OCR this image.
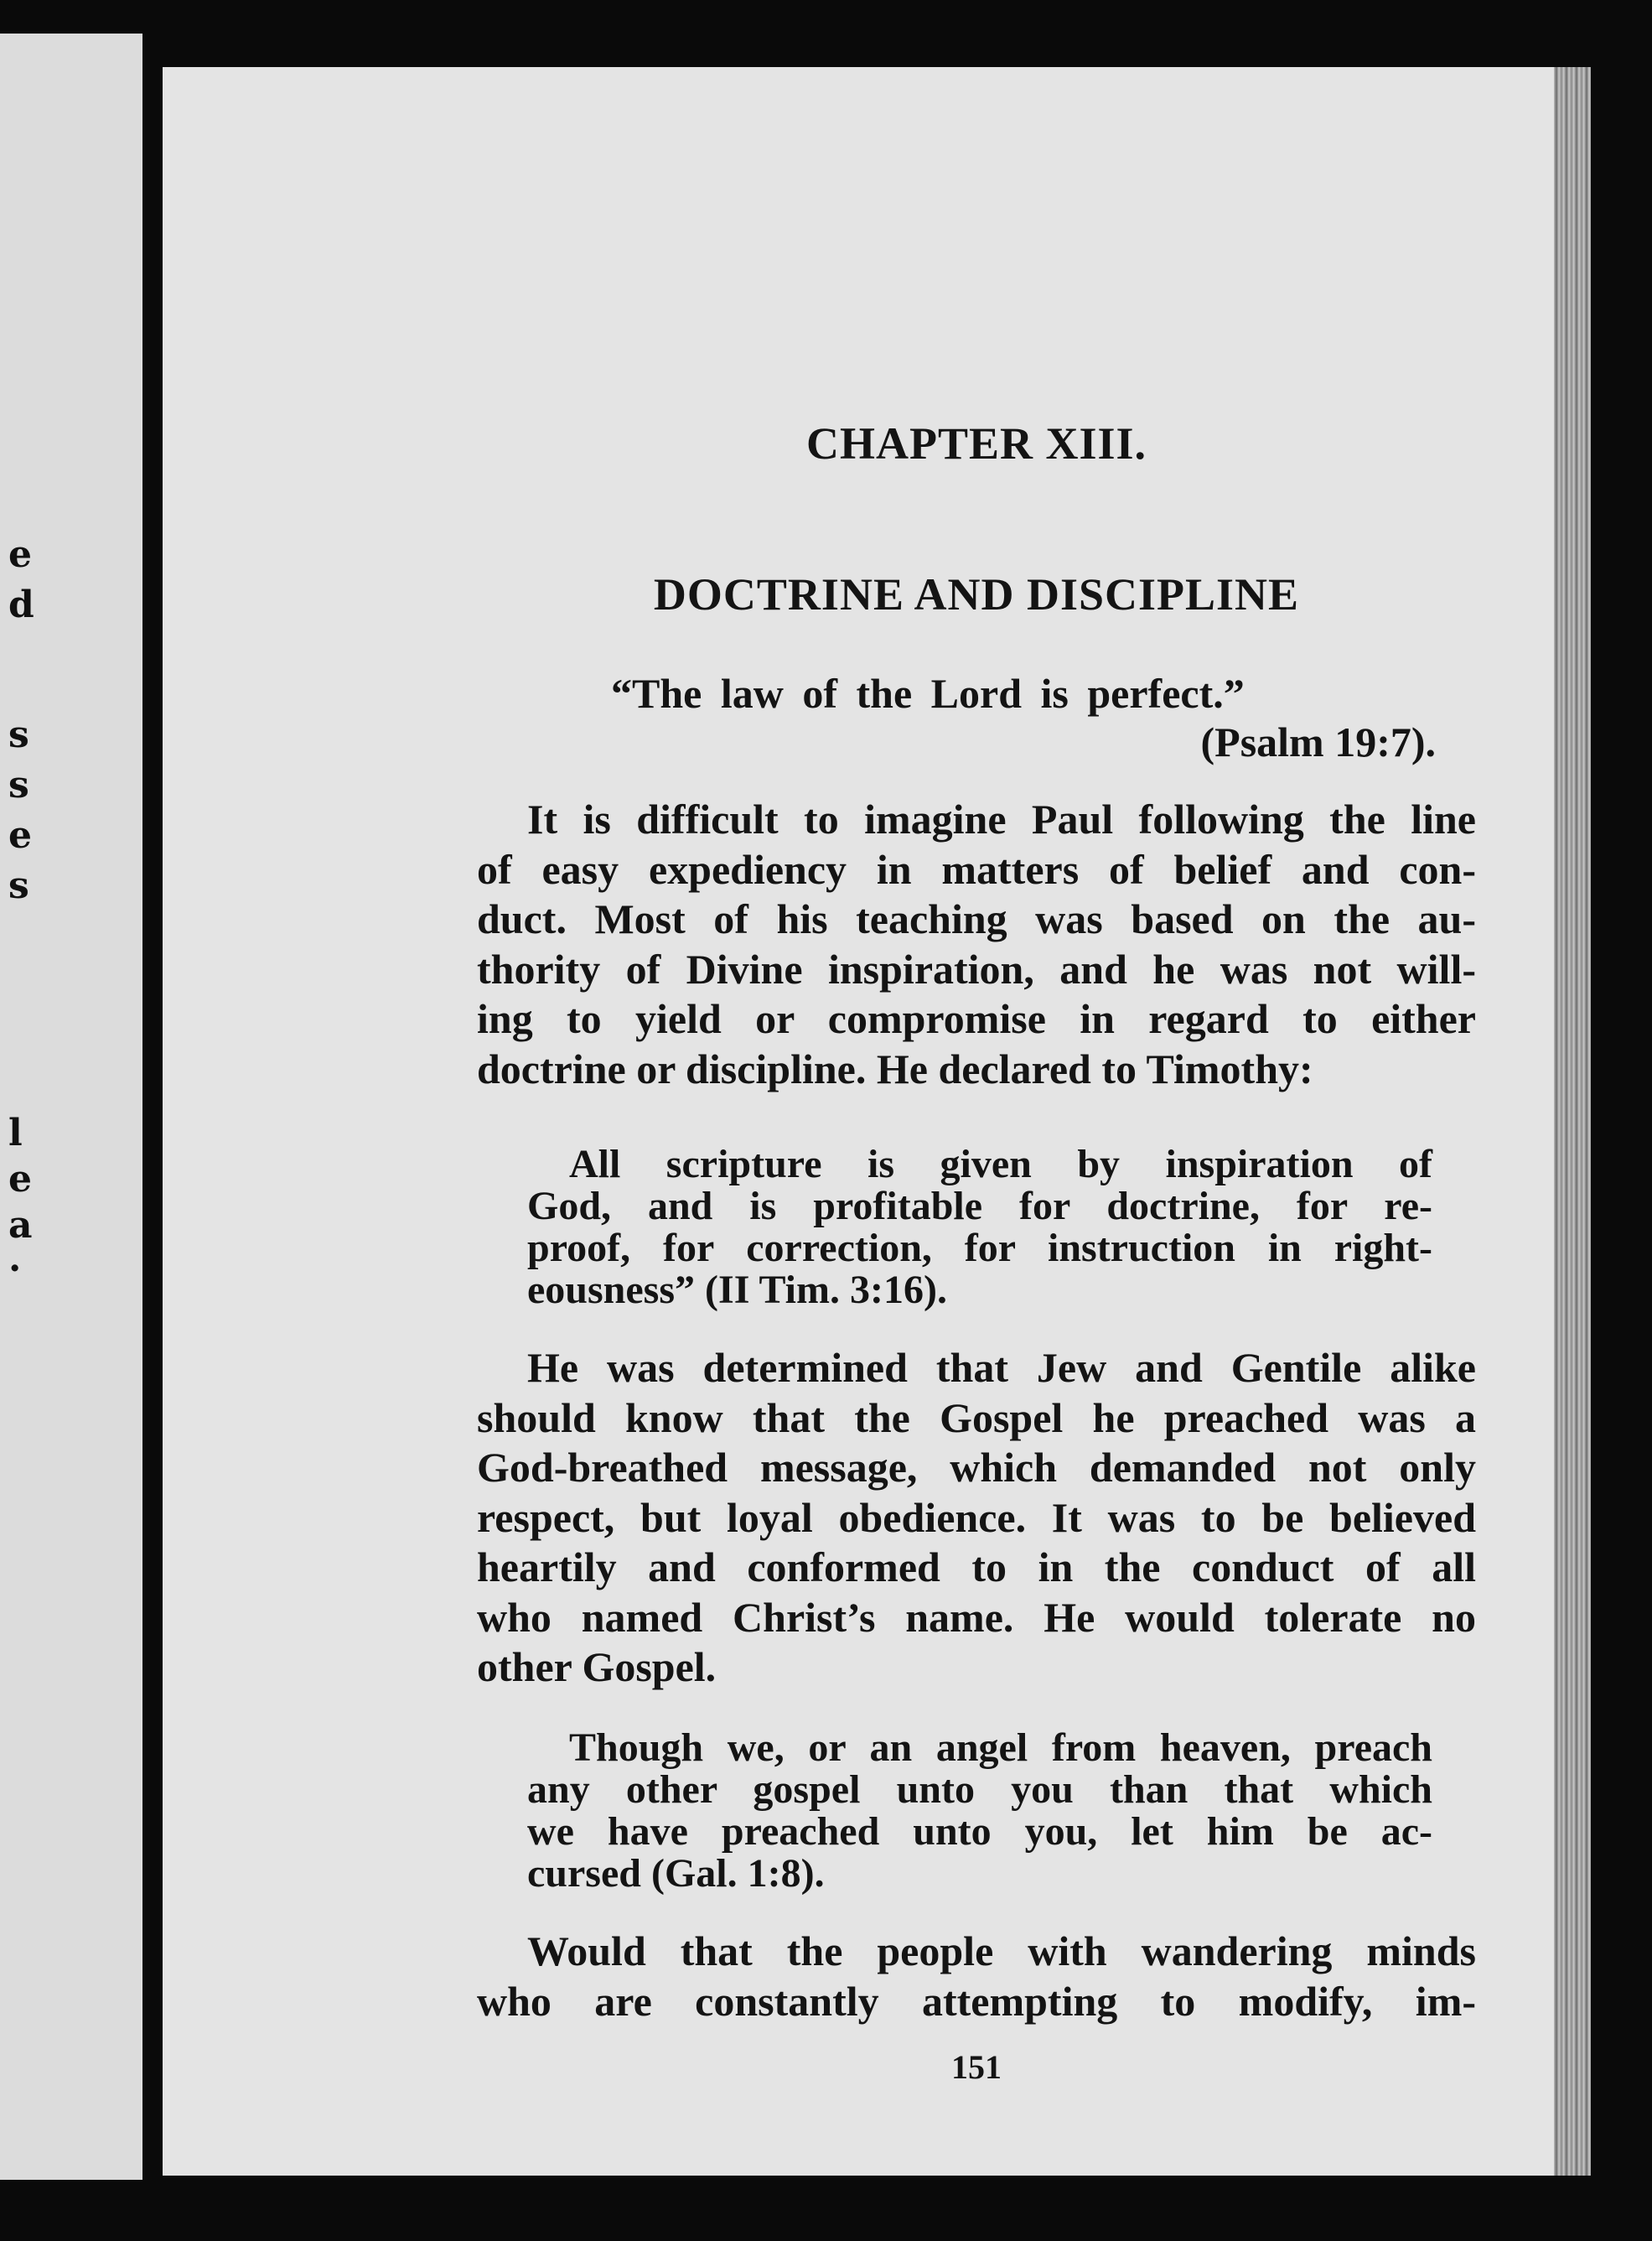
e
d
s
s
e
s
l
e
a
.
CHAPTER XIII.
DOCTRINE AND DISCIPLINE
“The law of the Lord is perfect.”
(Psalm 19:7).
It is difficult to imagine Paul following the line
of easy expediency in matters of belief and con-
duct. Most of his teaching was based on the au-
thority of Divine inspiration, and he was not will-
ing to yield or compromise in regard to either
doctrine or discipline. He declared to Timothy:
All scripture is given by inspiration of
God, and is profitable for doctrine, for re-
proof, for correction, for instruction in right-
eousness” (II Tim. 3:16).
He was determined that Jew and Gentile alike
should know that the Gospel he preached was a
God-breathed message, which demanded not only
respect, but loyal obedience. It was to be believed
heartily and conformed to in the conduct of all
who named Christ’s name. He would tolerate no
other Gospel.
Though we, or an angel from heaven, preach
any other gospel unto you than that which
we have preached unto you, let him be ac-
cursed (Gal. 1:8).
Would that the people with wandering minds
who are constantly attempting to modify, im-
151
